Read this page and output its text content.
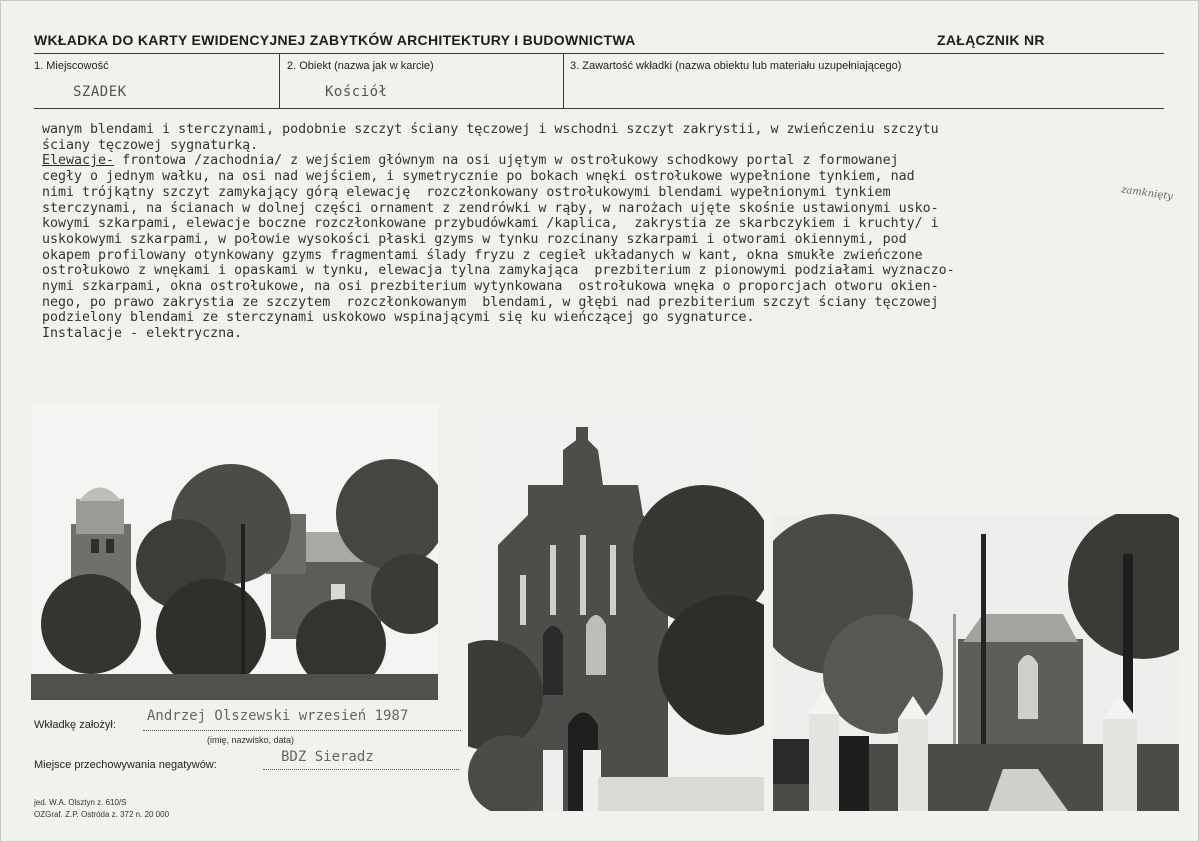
WKŁADKA DO KARTY EWIDENCYJNEJ ZABYTKÓW ARCHITEKTURY I BUDOWNICTWA	ZAŁĄCZNIK NR
1. Miejscowość
SZADEK
2. Obiekt (nazwa jak w karcie)
Kościół
3. Zawartość wkładki (nazwa obiektu lub materiału uzupełniającego)
wanym blendami i sterczynami, podobnie szczyt ściany tęczowej i wschodni szczyt zakrystii, w zwieńczeniu szczytu
ściany tęczowej sygnaturką.
Elewacje- frontowa /zachodnia/ z wejściem głównym na osi ujętym w ostrołukowy schodkowy portal z formowanej
cegły o jednym wałku, na osi nad wejściem, i symetrycznie po bokach wnęki ostrołukowe wypełnione tynkiem, nad
nimi trójkątny szczyt zamykający górą elewację  rozczłonkowany ostrołukowymi blendami wypełnionymi tynkiem
sterczynami, na ścianach w dolnej części ornament z zendrówki w rąby, w narożach ujęte skośnie ustawionymi usko-
kowymi szkarpami, elewacje boczne rozczłonkowane przybudówkami /kaplica,  zakrystia ze skarbczykiem i kruchty/ i
uskokowymi szkarpami, w połowie wysokości płaski gzyms w tynku rozcinany szkarpami i otworami okiennymi, pod
okapem profilowany otynkowany gzyms fragmentami ślady fryzu z cegieł układanych w kant, okna smukłe zwieńczone
ostrołukowo z wnękami i opaskami w tynku, elewacja tylna zamykająca  prezbiterium z pionowymi podziałami wyznaczo-
nymi szkarpami, okna ostrołukowe, na osi prezbiterium wytynkowana  ostrołukowa wnęka o proporcjach otworu okien-
nego, po prawo zakrystia ze szczytem  rozczłonkowanym  blendami, w głębi nad prezbiterium szczyt ściany tęczowej
podzielony blendami ze sterczynami uskokowo wspinającymi się ku wieńczącej go sygnaturce.
Instalacje - elektryczna.
zamknięty
Wkładkę założył:
Andrzej Olszewski wrzesień 1987
(imię, nazwisko, data)
Miejsce przechowywania negatywów:	BDZ Sieradz
jed. W.A. Olsztyn z. 610/S
OZGraf. Z.P. Ostróda z. 372 n. 20 000
